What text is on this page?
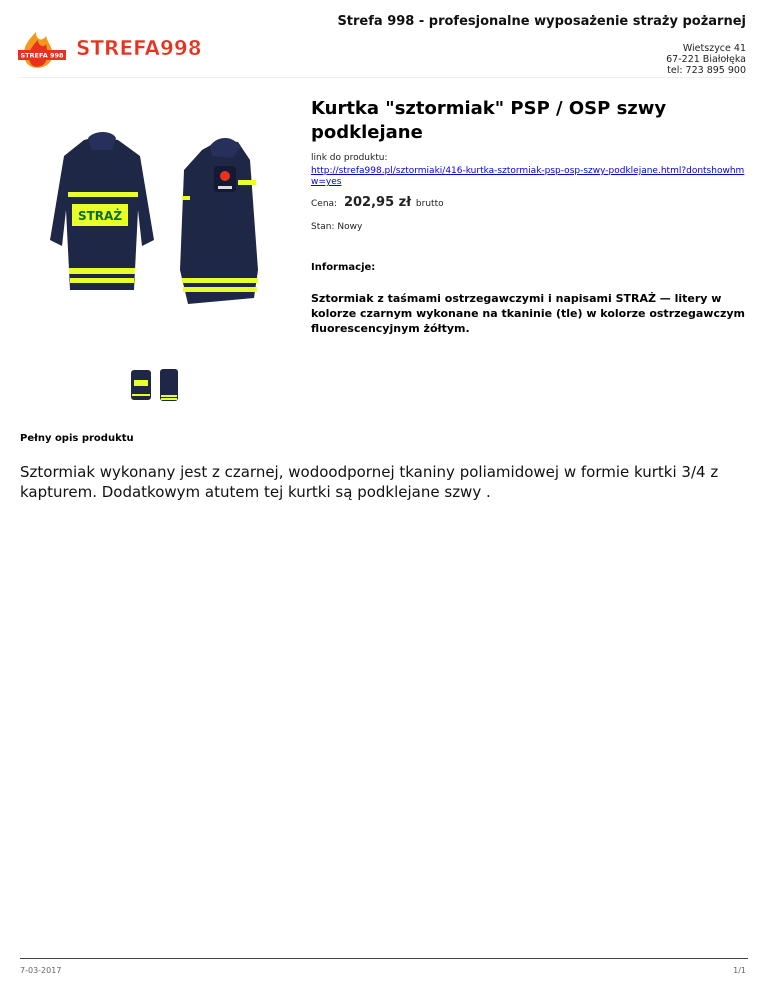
Strefa 998 - profesjonalne wyposażenie straży pożarnej
STREFA 998 STREFA998	Wietszyce 41
67-221 Białołęka
tel: 723 895 900
STRAŻ
Kurtka "sztormiak" PSP / OSP szwy podklejane
link do produktu:
http://strefa998.pl/sztormiaki/416-kurtka-sztormiak-psp-osp-szwy-podklejane.html?dontshowhmw=yes
Cena: 202,95 zł brutto
Stan: Nowy
Informacje:
Sztormiak z taśmami ostrzegawczymi i napisami STRAŻ — litery w kolorze czarnym wykonane na tkaninie (tle) w kolorze ostrzegawczym fluorescencyjnym żółtym.
Pełny opis produktu
Sztormiak wykonany jest z czarnej, wodoodpornej tkaniny poliamidowej w formie kurtki 3/4 z kapturem. Dodatkowym atutem tej kurtki są podklejane szwy .
7-03-2017	1/1
